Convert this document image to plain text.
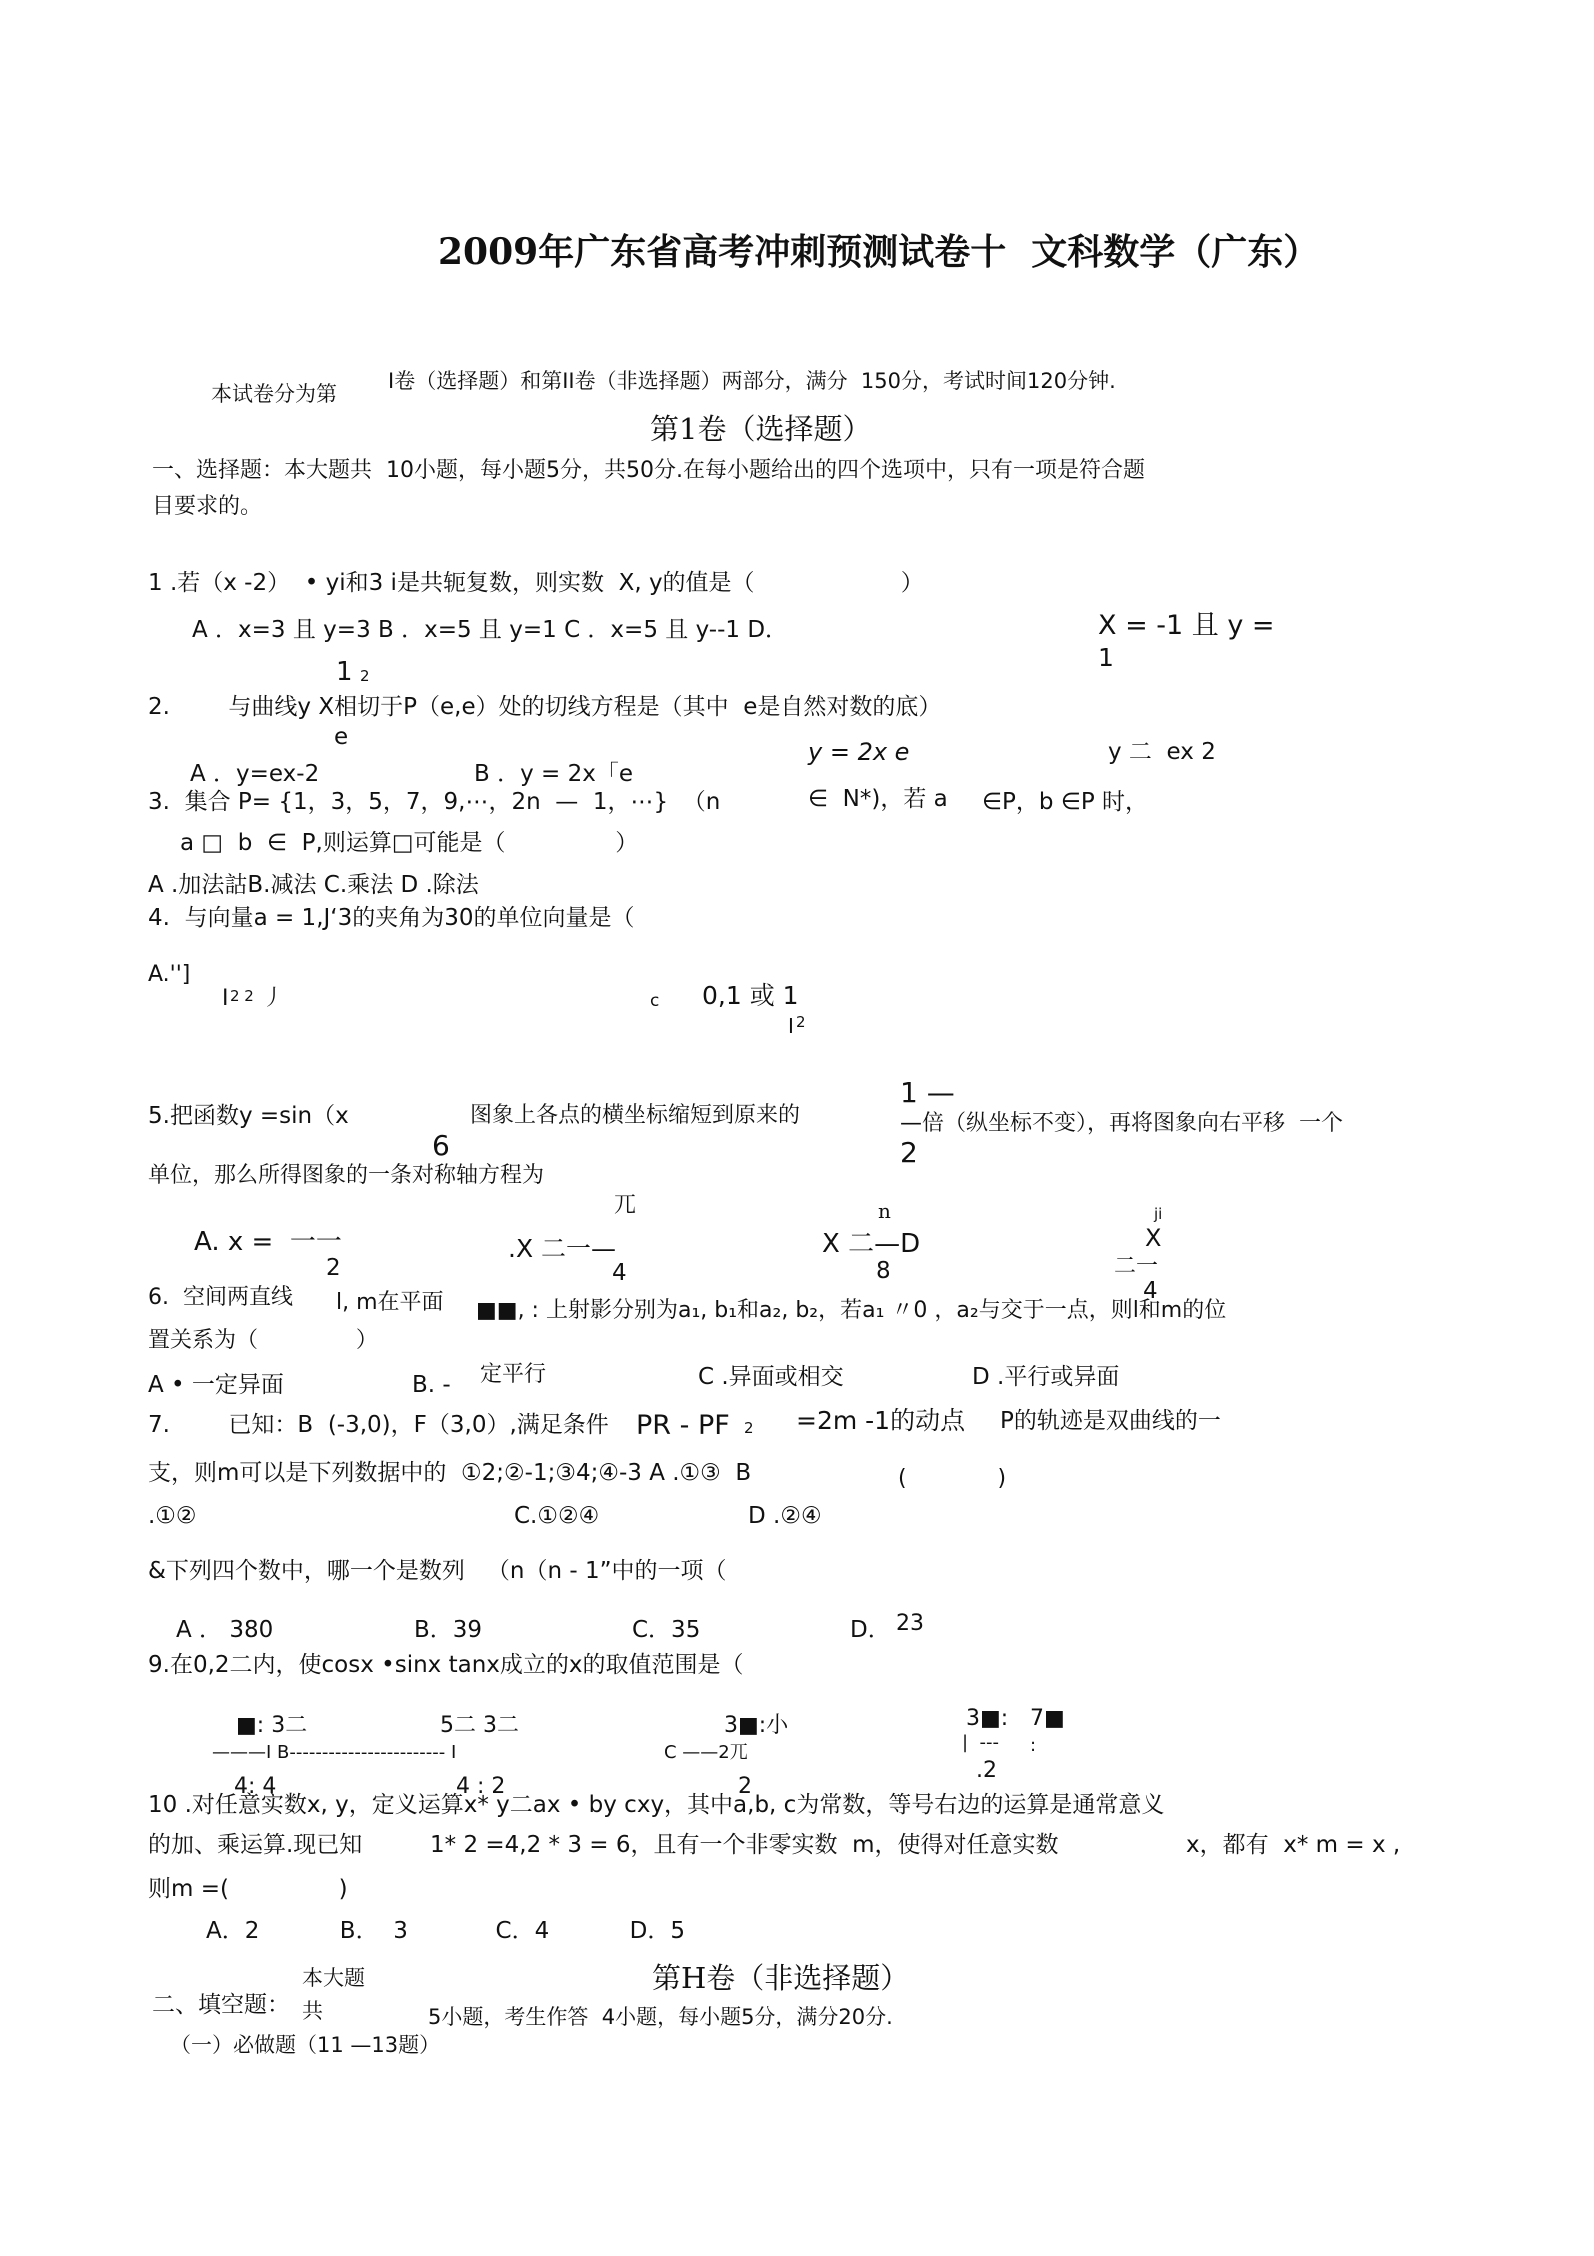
2009年广东省高考冲刺预测试卷十  文科数学（广东）
本试卷分为第
I卷（选择题）和第II卷（非选择题）两部分，满分  150分，考试时间120分钟.
第1卷（选择题）
一、选择题：本大题共  10小题，每小题5分，共50分.在每小题给出的四个选项中，只有一项是符合题
目要求的。
1 .若（x -2）  • yi和3 i是共轭复数，则实数  X, y的值是（                    ）
A ．x=3 且 y=3 B ．x=5 且 y=1 C ．x=5 且 y--1 D．	X = -1 且 y =
1
1 2
2.        与曲线y X相切于P（e,e）处的切线方程是（其中  e是自然对数的底）
e
y = 2x e	y 二  ex 2
A ．y=ex-2	B ．y = 2x「e
3.  集合 P= {1，3，5，7，9,⋯，2n  —  1，⋯}  （n	∈  N*)，若 a ∈P，b ∈P 时，
a □  b  ∈  P,则运算□可能是（               ）
A .加法詁B.减法 C.乘法 D .除法
4.  与向量a = 1,J‘3的夹角为30的单位向量是（
A.'']
I 2 2 丿	c 0,1 或 1
I 2
1 —
5.把函数y =sin（x	图象上各点的横坐标缩短到原来的	—倍（纵坐标不变），再将图象向右平移  一个
6	2
单位，那么所得图象的一条对称轴方程为
兀	n	ji
A. x =  一一	.X 二一—	X 二—D	X
2	二一
4	8
4
6.  空间两直线 l, m在平面 ■■, : 上射影分别为a₁, b₁和a₂, b₂，若a₁ 〃0 ，a₂与交于一点，则l和m的位
置关系为（              ）
定平行	C .异面或相交	D .平行或异面
A • 一定异面	B. -
7.        已知：B  (-3,0)，F（3,0）,满足条件 PR - PF 2 =2m -1的动点 P的轨迹是双曲线的一
支，则m可以是下列数据中的  ①2;②-1;③4;④-3 A .①③  B	(             )
.①②	C.①②④	D .②④
&下列四个数中，哪一个是数列   （n（n - 1”中的一项（
23
A ． 380	B．39	C．35	D．
9.在0,2二内，使cosx •sinx tanx成立的x的取值范围是（
3■: 7■
■: 3二	5二 3二	3■:小
|  --- :
———I B------------------------ I	C ——2兀
.2
4: 4	4 : 2	2
10 .对任意实数x, y，定义运算x* y二ax • by cxy，其中a,b, c为常数，等号右边的运算是通常意义
的加、乘运算.现已知	1* 2 =4,2 * 3 = 6，且有一个非零实数  m，使得对任意实数	x，都有  x* m = x ,
则m =(               )
A．2           B．  3            C．4           D．5
第H卷（非选择题）
本大题
二、填空题： 共	5小题，考生作答  4小题，每小题5分，满分20分.
（一）必做题（11 —13题）
